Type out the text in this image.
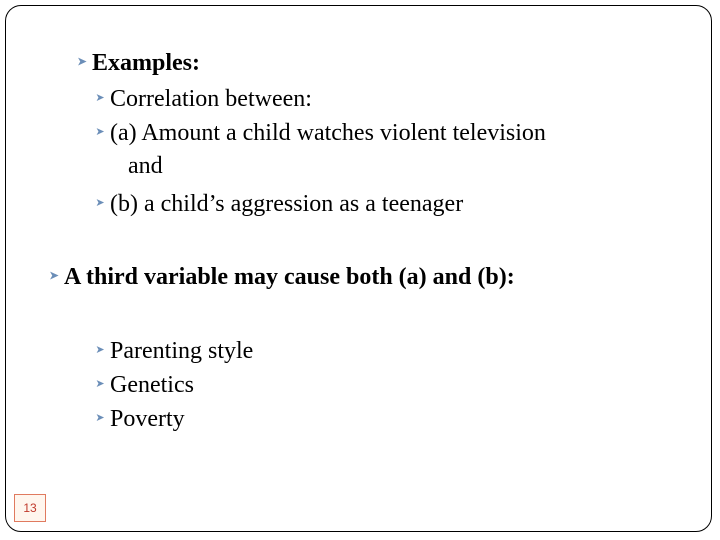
➤ Examples:
➤ Correlation between:
➤ (a) Amount a child watches violent television
and
➤ (b) a child’s aggression as a teenager
➤ A third variable may cause both (a) and (b):
➤ Parenting style
➤ Genetics
➤ Poverty
13
